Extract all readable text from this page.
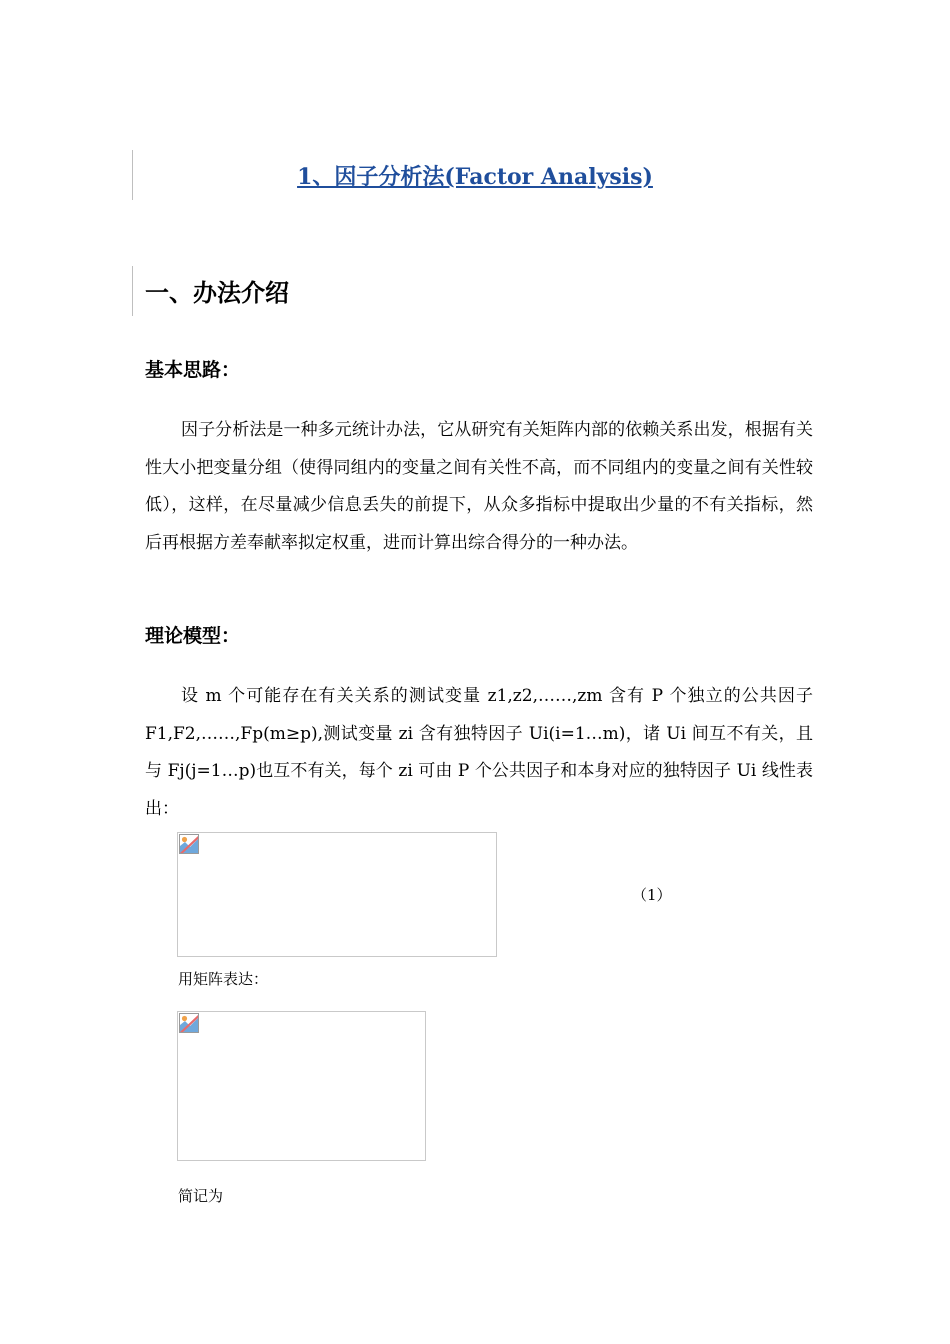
1、因子分析法(Factor Analysis)
一、办法介绍
基本思路：

因子分析法是一种多元统计办法，它从研究有关矩阵内部的依赖关系出发，根据有关性大小把变量分组（使得同组内的变量之间有关性不高，而不同组内的变量之间有关性较低），这样，在尽量减少信息丢失的前提下，从众多指标中提取出少量的不有关指标，然后再根据方差奉献率拟定权重，进而计算出综合得分的一种办法。

理论模型：

设 m 个可能存在有关关系的测试变量 z1,z2,……,zm 含有 P 个独立的公共因子 F1,F2,……,Fp(m≥p),测试变量 zi 含有独特因子 Ui(i=1…m)，诸 Ui 间互不有关，且与 Fj(j=1…p)也互不有关，每个 zi 可由 P 个公共因子和本身对应的独特因子 Ui 线性表出：

（1）
用矩阵表达：
简记为
